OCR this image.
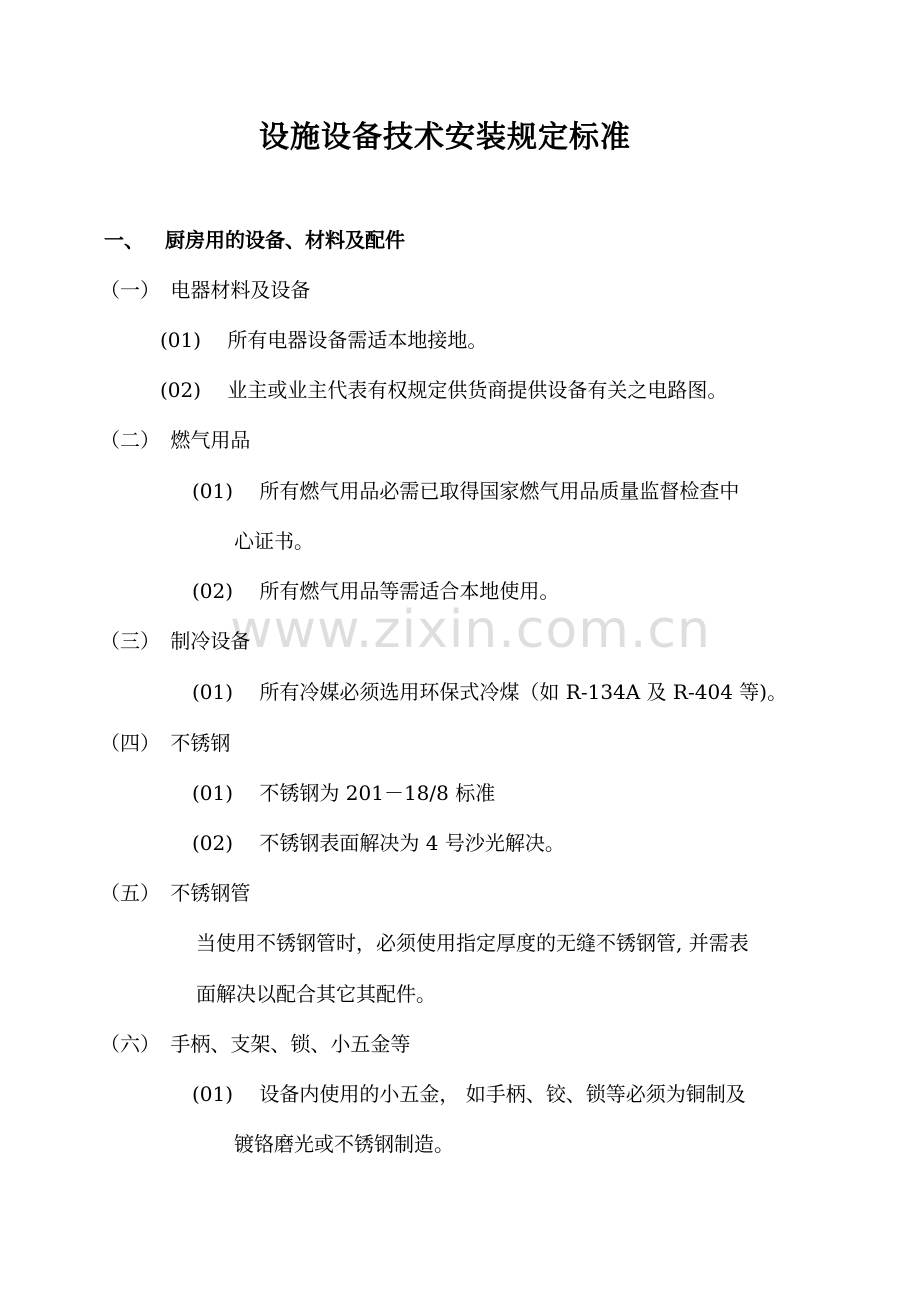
设施设备技术安装规定标准
www.zixin.com.cn
一、 厨房用的设备、材料及配件
（一） 电器材料及设备
(01) 所有电器设备需适本地接地。
(02) 业主或业主代表有权规定供货商提供设备有关之电路图。
（二） 燃气用品
(01) 所有燃气用品必需已取得国家燃气用品质量监督检查中
心证书。
(02) 所有燃气用品等需适合本地使用。
（三） 制冷设备
(01) 所有冷媒必须选用环保式冷煤（如 R-134A 及 R-404 等)。
（四） 不锈钢
(01) 不锈钢为 201－18/8 标准
(02) 不锈钢表面解决为 4 号沙光解决。
（五） 不锈钢管
当使用不锈钢管时，必须使用指定厚度的无缝不锈钢管, 并需表
面解决以配合其它其配件。
（六） 手柄、支架、锁、小五金等
(01) 设备内使用的小五金， 如手柄、铰、锁等必须为铜制及
镀铬磨光或不锈钢制造。
